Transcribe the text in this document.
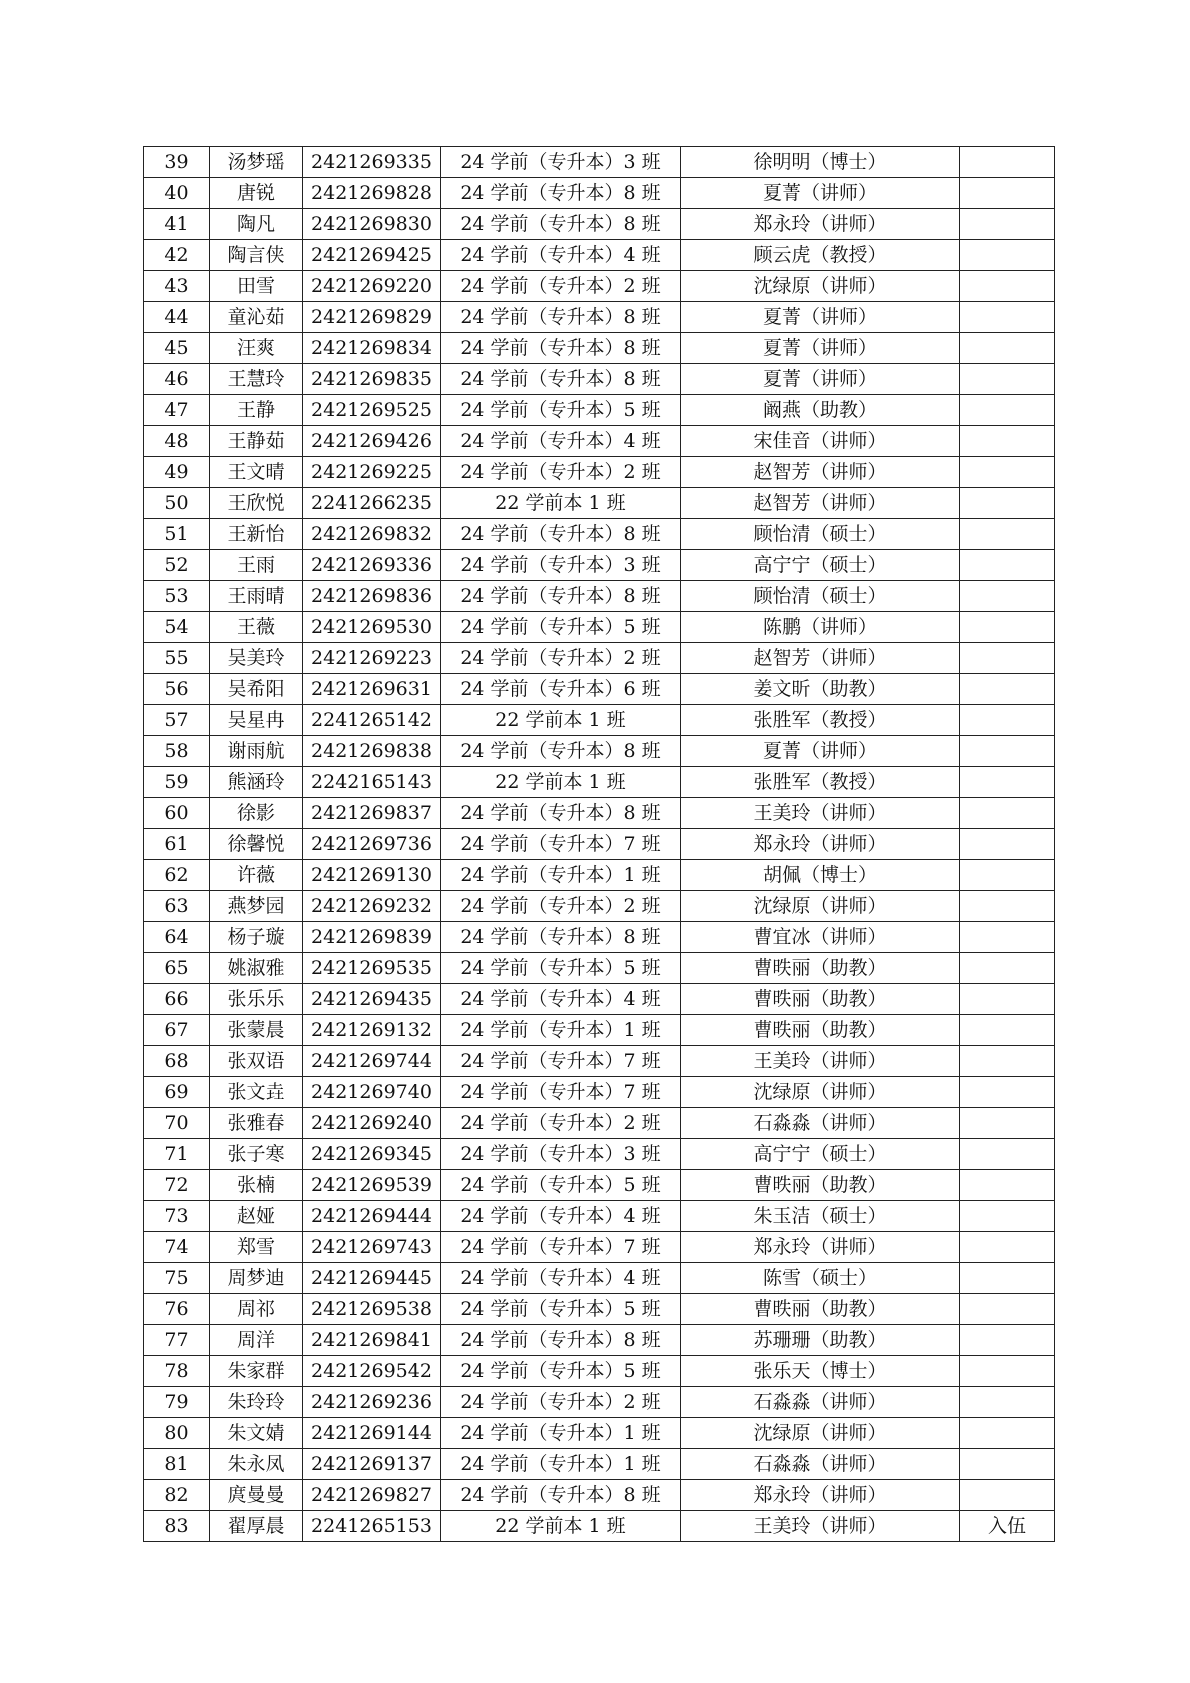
39	汤梦瑶	2421269335	24 学前（专升本）3 班	徐明明（博士）	
40	唐锐	2421269828	24 学前（专升本）8 班	夏菁（讲师）	
41	陶凡	2421269830	24 学前（专升本）8 班	郑永玲（讲师）	
42	陶言侠	2421269425	24 学前（专升本）4 班	顾云虎（教授）	
43	田雪	2421269220	24 学前（专升本）2 班	沈绿原（讲师）	
44	童沁茹	2421269829	24 学前（专升本）8 班	夏菁（讲师）	
45	汪爽	2421269834	24 学前（专升本）8 班	夏菁（讲师）	
46	王慧玲	2421269835	24 学前（专升本）8 班	夏菁（讲师）	
47	王静	2421269525	24 学前（专升本）5 班	阚燕（助教）	
48	王静茹	2421269426	24 学前（专升本）4 班	宋佳音（讲师）	
49	王文晴	2421269225	24 学前（专升本）2 班	赵智芳（讲师）	
50	王欣悦	2241266235	22 学前本 1 班	赵智芳（讲师）	
51	王新怡	2421269832	24 学前（专升本）8 班	顾怡清（硕士）	
52	王雨	2421269336	24 学前（专升本）3 班	高宁宁（硕士）	
53	王雨晴	2421269836	24 学前（专升本）8 班	顾怡清（硕士）	
54	王薇	2421269530	24 学前（专升本）5 班	陈鹏（讲师）	
55	吴美玲	2421269223	24 学前（专升本）2 班	赵智芳（讲师）	
56	吴希阳	2421269631	24 学前（专升本）6 班	姜文昕（助教）	
57	吴星冉	2241265142	22 学前本 1 班	张胜军（教授）	
58	谢雨航	2421269838	24 学前（专升本）8 班	夏菁（讲师）	
59	熊涵玲	2242165143	22 学前本 1 班	张胜军（教授）	
60	徐影	2421269837	24 学前（专升本）8 班	王美玲（讲师）	
61	徐馨悦	2421269736	24 学前（专升本）7 班	郑永玲（讲师）	
62	许薇	2421269130	24 学前（专升本）1 班	胡佩（博士）	
63	燕梦园	2421269232	24 学前（专升本）2 班	沈绿原（讲师）	
64	杨子璇	2421269839	24 学前（专升本）8 班	曹宜冰（讲师）	
65	姚淑雅	2421269535	24 学前（专升本）5 班	曹昳丽（助教）	
66	张乐乐	2421269435	24 学前（专升本）4 班	曹昳丽（助教）	
67	张蒙晨	2421269132	24 学前（专升本）1 班	曹昳丽（助教）	
68	张双语	2421269744	24 学前（专升本）7 班	王美玲（讲师）	
69	张文垚	2421269740	24 学前（专升本）7 班	沈绿原（讲师）	
70	张雅春	2421269240	24 学前（专升本）2 班	石淼淼（讲师）	
71	张子寒	2421269345	24 学前（专升本）3 班	高宁宁（硕士）	
72	张楠	2421269539	24 学前（专升本）5 班	曹昳丽（助教）	
73	赵娅	2421269444	24 学前（专升本）4 班	朱玉洁（硕士）	
74	郑雪	2421269743	24 学前（专升本）7 班	郑永玲（讲师）	
75	周梦迪	2421269445	24 学前（专升本）4 班	陈雪（硕士）	
76	周祁	2421269538	24 学前（专升本）5 班	曹昳丽（助教）	
77	周洋	2421269841	24 学前（专升本）8 班	苏珊珊（助教）	
78	朱家群	2421269542	24 学前（专升本）5 班	张乐天（博士）	
79	朱玲玲	2421269236	24 学前（专升本）2 班	石淼淼（讲师）	
80	朱文婧	2421269144	24 学前（专升本）1 班	沈绿原（讲师）	
81	朱永凤	2421269137	24 学前（专升本）1 班	石淼淼（讲师）	
82	庹曼曼	2421269827	24 学前（专升本）8 班	郑永玲（讲师）	
83	翟厚晨	2241265153	22 学前本 1 班	王美玲（讲师）	入伍
